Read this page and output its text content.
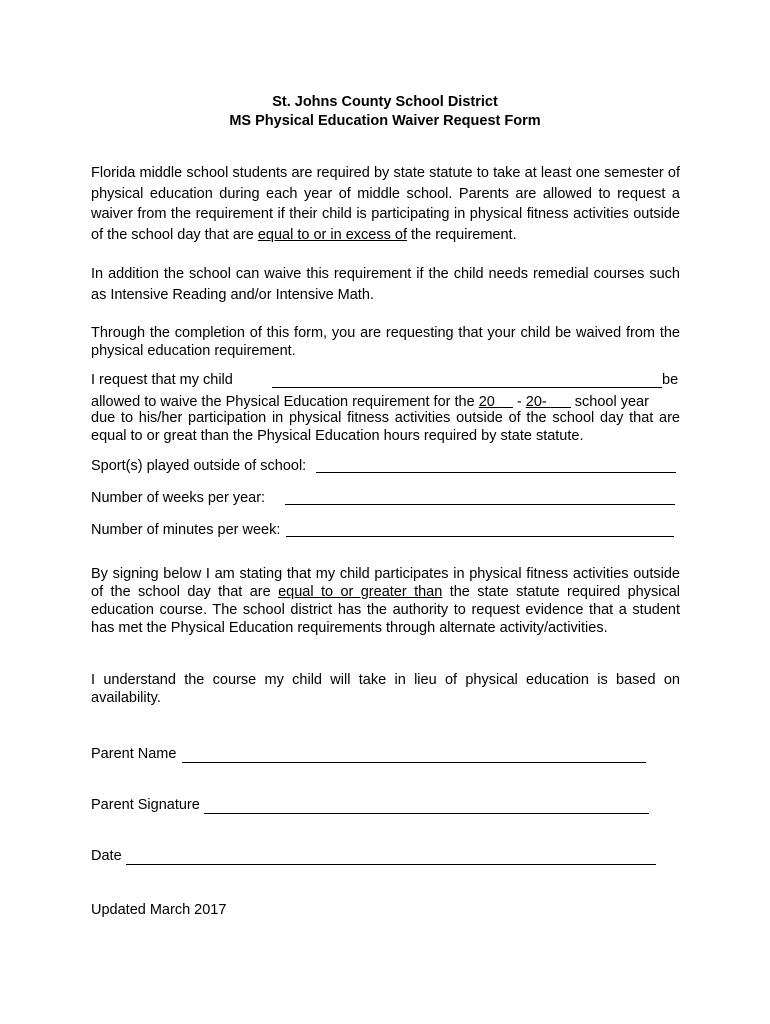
St. Johns County School District
MS Physical Education Waiver Request Form

Florida middle school students are required by state statute to take at least one semester of physical education during each year of middle school. Parents are allowed to request a waiver from the requirement if their child is participating in physical fitness activities outside of the school day that are equal to or in excess of the requirement.

In addition the school can waive this requirement if the child needs remedial courses such as Intensive Reading and/or Intensive Math.

Through the completion of this form, you are requesting that your child be waived from the physical education requirement.

I request that my child	be
allowed to waive the Physical Education requirement for the 20  - 20-  school year

due to his/her participation in physical fitness activities outside of the school day that are equal to or great than the Physical Education hours required by state statute.

Sport(s) played outside of school:
Number of weeks per year:
Number of minutes per week:

By signing below I am stating that my child participates in physical fitness activities outside of the school day that are equal to or greater than the state statute required physical education course. The school district has the authority to request evidence that a student has met the Physical Education requirements through alternate activity/activities.

I understand the course my child will take in lieu of physical education is based on availability.

Parent Name
Parent Signature
Date
Updated March 2017
